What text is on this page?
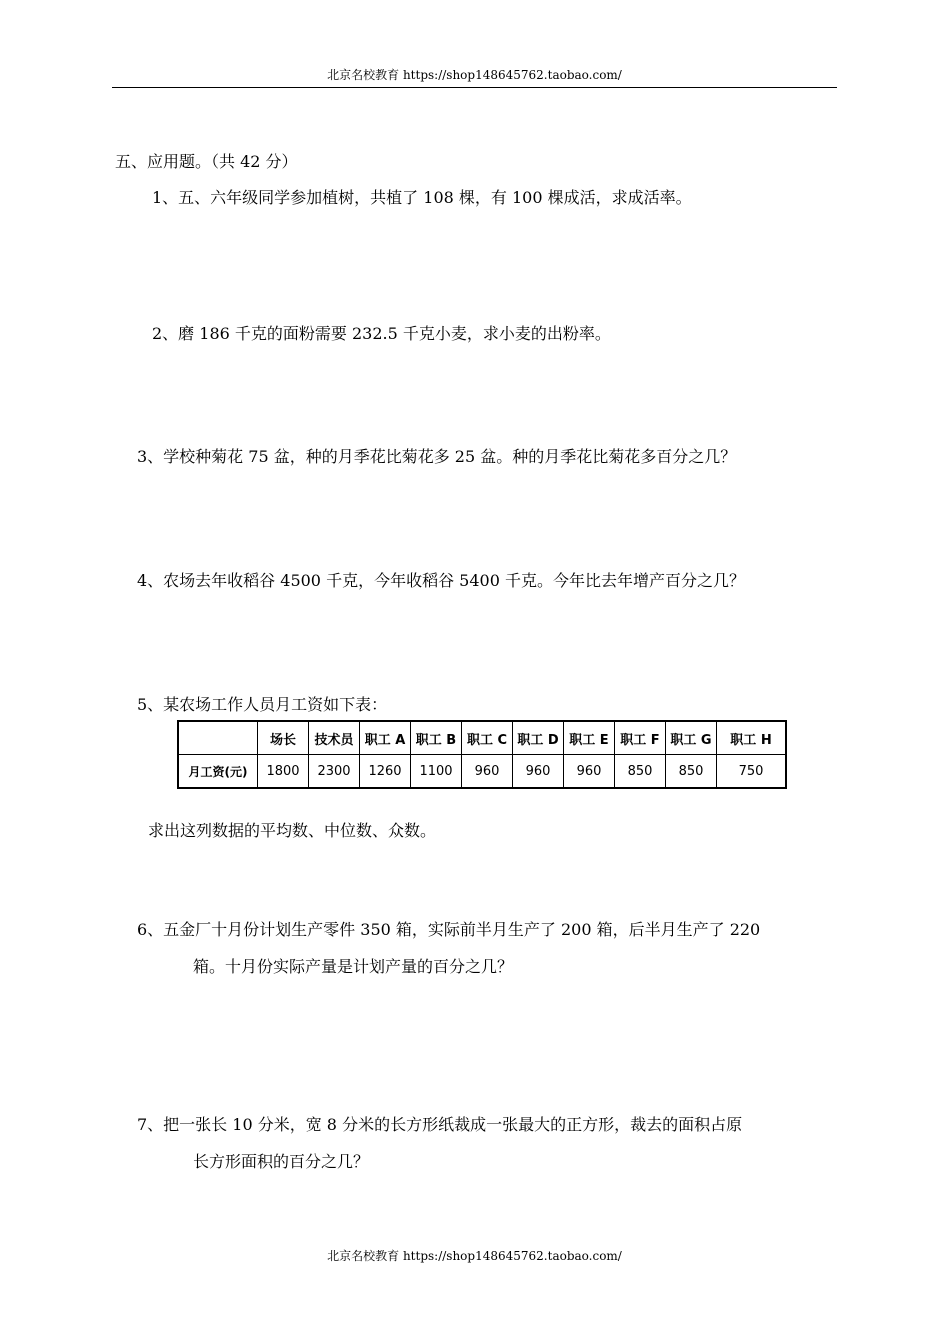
北京名校教育 https://shop148645762.taobao.com/
五、应用题。（共 42 分）
1、五、六年级同学参加植树，共植了 108 棵，有 100 棵成活，求成活率。
2、磨 186 千克的面粉需要 232.5 千克小麦，求小麦的出粉率。
3、学校种菊花 75 盆，种的月季花比菊花多 25 盆。种的月季花比菊花多百分之几？
4、农场去年收稻谷 4500 千克，今年收稻谷 5400 千克。今年比去年增产百分之几？
5、某农场工作人员月工资如下表：
	场长	技术员	职工 A	职工 B	职工 C	职工 D	职工 E	职工 F	职工 G	职工 H
月工资(元)	1800	2300	1260	1100	960	960	960	850	850	750
求出这列数据的平均数、中位数、众数。
6、五金厂十月份计划生产零件 350 箱，实际前半月生产了 200 箱，后半月生产了 220
箱。十月份实际产量是计划产量的百分之几？
7、把一张长 10 分米，宽 8 分米的长方形纸裁成一张最大的正方形，裁去的面积占原
长方形面积的百分之几？
北京名校教育 https://shop148645762.taobao.com/
